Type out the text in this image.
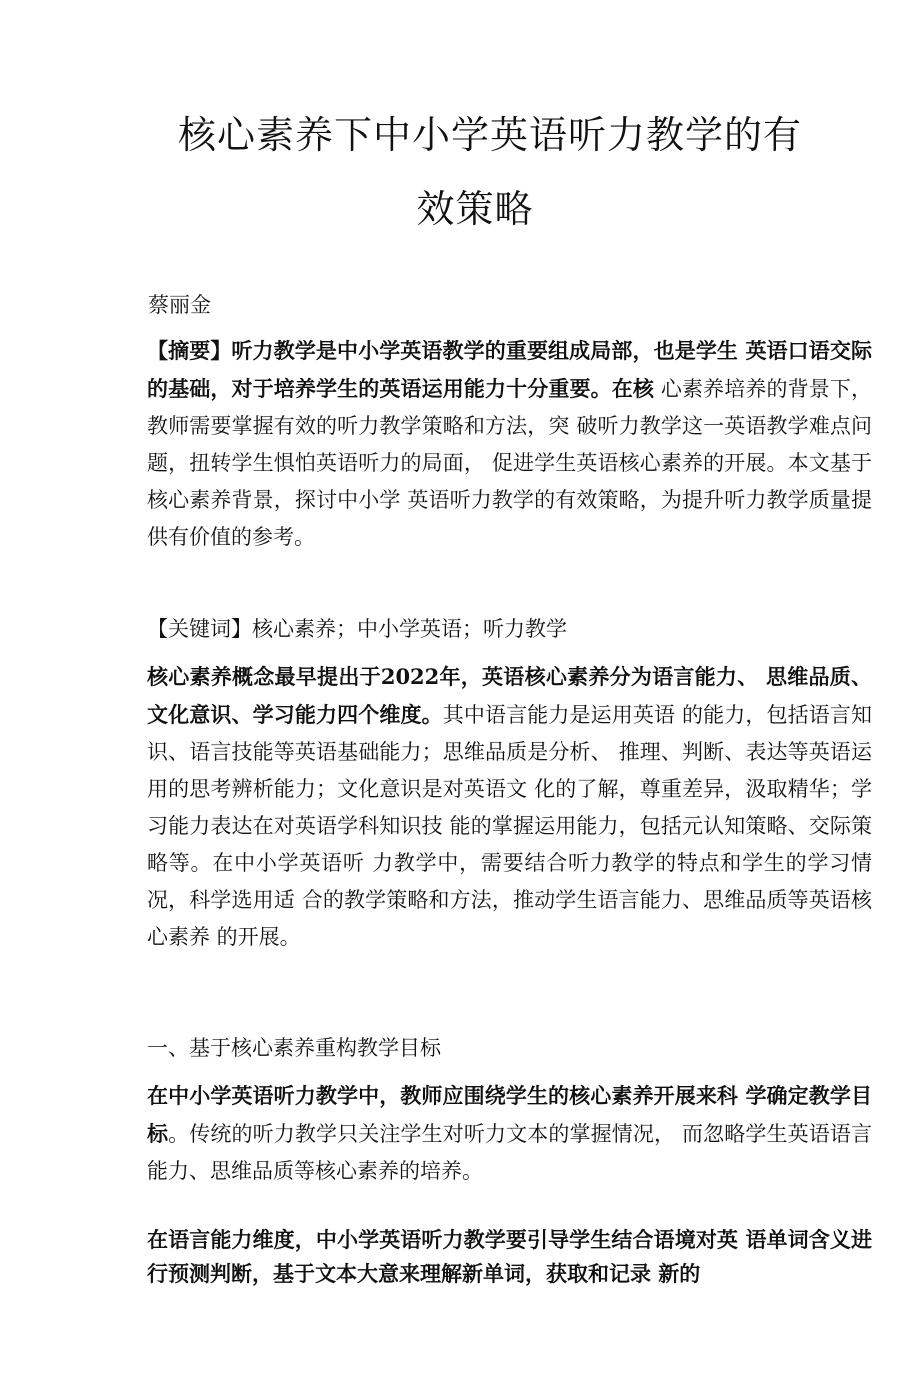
核心素养下中小学英语听力教学的有
效策略
蔡丽金

【摘要】听力教学是中小学英语教学的重要组成局部，也是学生 英语口语交际的基础，对于培养学生的英语运用能力十分重要。在核 心素养培养的背景下，教师需要掌握有效的听力教学策略和方法，突 破听力教学这一英语教学难点问题，扭转学生惧怕英语听力的局面， 促进学生英语核心素养的开展。本文基于核心素养背景，探讨中小学 英语听力教学的有效策略，为提升听力教学质量提供有价值的参考。

【关键词】核心素养；中小学英语；听力教学

核心素养概念最早提出于2022年，英语核心素养分为语言能力、 思维品质、文化意识、学习能力四个维度。其中语言能力是运用英语 的能力，包括语言知识、语言技能等英语基础能力；思维品质是分析、 推理、判断、表达等英语运用的思考辨析能力；文化意识是对英语文 化的了解，尊重差异，汲取精华；学习能力表达在对英语学科知识技 能的掌握运用能力，包括元认知策略、交际策略等。在中小学英语听 力教学中，需要结合听力教学的特点和学生的学习情况，科学选用适 合的教学策略和方法，推动学生语言能力、思维品质等英语核心素养 的开展。

一、基于核心素养重构教学目标

在中小学英语听力教学中，教师应围绕学生的核心素养开展来科 学确定教学目标。传统的听力教学只关注学生对听力文本的掌握情况， 而忽略学生英语语言能力、思维品质等核心素养的培养。

在语言能力维度，中小学英语听力教学要引导学生结合语境对英 语单词含义进行预测判断，基于文本大意来理解新单词，获取和记录 新的
